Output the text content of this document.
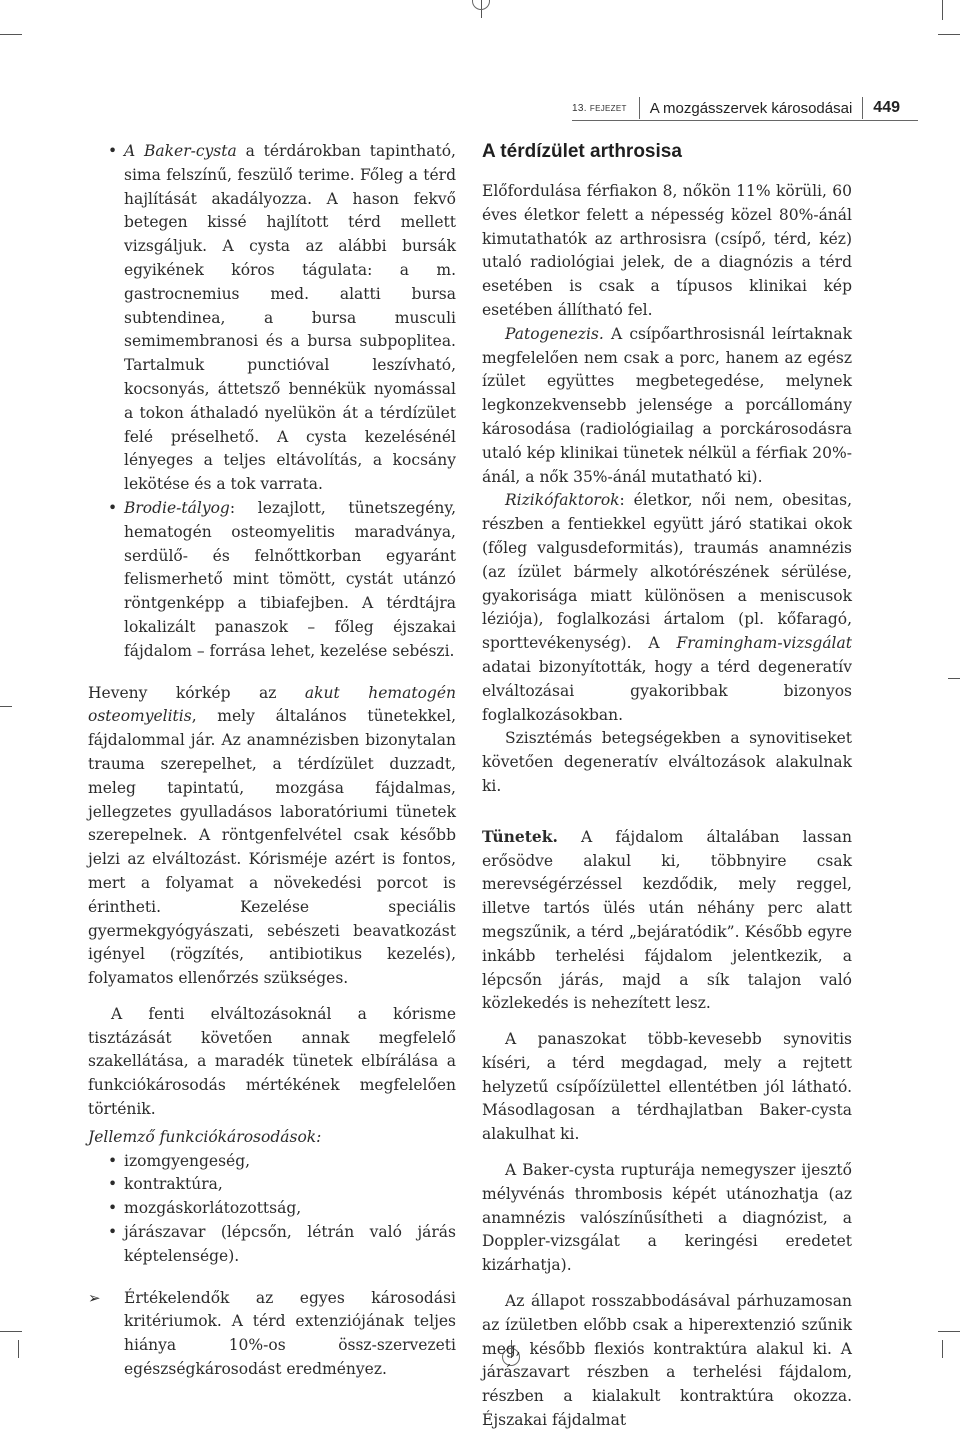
13. FEJEZET A mozgásszervek károsodásai 449
• A Baker-cysta a térdárokban tapintható, sima felszínű, feszülő terime. Főleg a térd hajlítását akadályozza. A hason fekvő betegen kissé hajlított térd mellett vizsgáljuk. A cysta az alábbi bursák egyikének kóros tágulata: a m. gastrocnemius med. alatti bursa subtendinea, a bursa musculi semimembranosi és a bursa subpoplitea. Tartalmuk punctióval leszívható, kocsonyás, áttetsző bennékük nyomással a tokon áthaladó nyelükön át a térdízület felé préselhető. A cysta kezelésénél lényeges a teljes eltávolítás, a kocsány lekötése és a tok varrata.
• Brodie-tályog: lezajlott, tünetszegény, hematogén osteomyelitis maradványa, serdülő- és felnőttkorban egyaránt felismerhető mint tömött, cystát utánzó röntgenképp a tibiafejben. A térdtájra lokalizált panaszok – főleg éjszakai fájdalom – forrása lehet, kezelése sebészi.

Heveny kórkép az akut hematogén osteomyelitis, mely általános tünetekkel, fájdalommal jár. Az anamnézisben bizonytalan trauma szerepelhet, a térdízület duzzadt, meleg tapintatú, mozgása fájdalmas, jellegzetes gyulladásos laboratóriumi tünetek szerepelnek. A röntgenfelvétel csak később jelzi az elváltozást. Kórisméje azért is fontos, mert a folyamat a növekedési porcot is érintheti. Kezelése speciális gyermekgyógyászati, sebészeti beavatkozást igényel (rögzítés, antibiotikus kezelés), folyamatos ellenőrzés szükséges.

A fenti elváltozásoknál a kórisme tisztázását követően annak megfelelő szakellátása, a maradék tünetek elbírálása a funkciókárosodás mértékének megfelelően történik.

Jellemző funkciókárosodások:

• izomgyengeség,
• kontraktúra,
• mozgáskorlátozottság,
• járászavar (lépcsőn, létrán való járás képtelensége).
➢ Értékelendők az egyes károsodási kritériumok. A térd extenziójának teljes hiánya 10%-os össz-szervezeti egészségkárosodást eredményez.
A térdízület arthrosisa

Előfordulása férfiakon 8, nőkön 11% körüli, 60 éves életkor felett a népesség közel 80%-ánál kimutathatók az arthrosisra (csípő, térd, kéz) utaló radiológiai jelek, de a diagnózis a térd esetében is csak a típusos klinikai kép esetében állítható fel.

Patogenezis. A csípőarthrosisnál leírtaknak megfelelően nem csak a porc, hanem az egész ízület együttes megbetegedése, melynek legkonzekvensebb jelensége a porcállomány károsodása (radiológiailag a porckárosodásra utaló kép klinikai tünetek nélkül a férfiak 20%-ánál, a nők 35%-ánál mutatható ki).

Rizikófaktorok: életkor, női nem, obesitas, részben a fentiekkel együtt járó statikai okok (főleg valgusdeformitás), traumás anamnézis (az ízület bármely alkotórészének sérülése, gyakorisága miatt különösen a meniscusok léziója), foglalkozási ártalom (pl. kőfaragó, sporttevékenység). A Framingham-vizsgálat adatai bizonyították, hogy a térd degeneratív elváltozásai gyakoribbak bizonyos foglalkozásokban.

Szisztémás betegségekben a synovitiseket követően degeneratív elváltozások alakulnak ki.

Tünetek. A fájdalom általában lassan erősödve alakul ki, többnyire csak merevségérzéssel kezdődik, mely reggel, illetve tartós ülés után néhány perc alatt megszűnik, a térd „bejáratódik”. Később egyre inkább terhelési fájdalom jelentkezik, a lépcsőn járás, majd a sík talajon való közlekedés is nehezített lesz.

A panaszokat több-kevesebb synovitis kíséri, a térd megdagad, mely a rejtett helyzetű csípőízülettel ellentétben jól látható. Másodlagosan a térdhajlatban Baker-cysta alakulhat ki.

A Baker-cysta rupturája nemegyszer ijesztő mélyvénás thrombosis képét utánozhatja (az anamnézis valószínűsítheti a diagnózist, a Doppler-vizsgálat a keringési eredetet kizárhatja).

Az állapot rosszabbodásával párhuzamosan az ízületben előbb csak a hiperextenzió szűnik meg, később flexiós kontraktúra alakul ki. A járászavart részben a terhelési fájdalom, részben a kialakult kontraktúra okozza. Éjszakai fájdalmat
